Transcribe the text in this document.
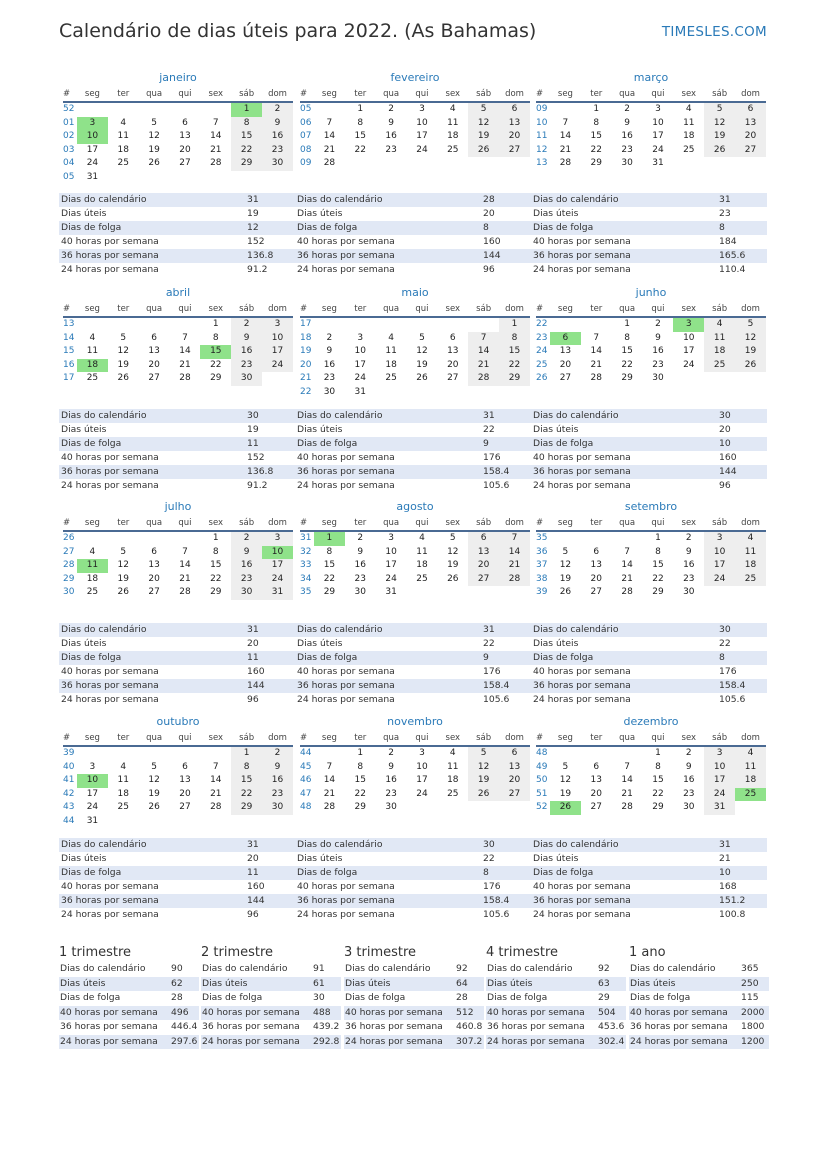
Calendário de dias úteis para 2022. (As Bahamas)	TIMESLES.COM
janeiro
#	seg	ter	qua	qui	sex	sáb	dom
52						1	2
01	3	4	5	6	7	8	9
02	10	11	12	13	14	15	16
03	17	18	19	20	21	22	23
04	24	25	26	27	28	29	30
05	31						
Dias do calendário	31
Dias úteis	19
Dias de folga	12
40 horas por semana	152
36 horas por semana	136.8
24 horas por semana	91.2
fevereiro
#	seg	ter	qua	qui	sex	sáb	dom
05		1	2	3	4	5	6
06	7	8	9	10	11	12	13
07	14	15	16	17	18	19	20
08	21	22	23	24	25	26	27
09	28						
Dias do calendário	28
Dias úteis	20
Dias de folga	8
40 horas por semana	160
36 horas por semana	144
24 horas por semana	96
março
#	seg	ter	qua	qui	sex	sáb	dom
09		1	2	3	4	5	6
10	7	8	9	10	11	12	13
11	14	15	16	17	18	19	20
12	21	22	23	24	25	26	27
13	28	29	30	31			
Dias do calendário	31
Dias úteis	23
Dias de folga	8
40 horas por semana	184
36 horas por semana	165.6
24 horas por semana	110.4
abril
#	seg	ter	qua	qui	sex	sáb	dom
13					1	2	3
14	4	5	6	7	8	9	10
15	11	12	13	14	15	16	17
16	18	19	20	21	22	23	24
17	25	26	27	28	29	30	
Dias do calendário	30
Dias úteis	19
Dias de folga	11
40 horas por semana	152
36 horas por semana	136.8
24 horas por semana	91.2
maio
#	seg	ter	qua	qui	sex	sáb	dom
17							1
18	2	3	4	5	6	7	8
19	9	10	11	12	13	14	15
20	16	17	18	19	20	21	22
21	23	24	25	26	27	28	29
22	30	31					
Dias do calendário	31
Dias úteis	22
Dias de folga	9
40 horas por semana	176
36 horas por semana	158.4
24 horas por semana	105.6
junho
#	seg	ter	qua	qui	sex	sáb	dom
22			1	2	3	4	5
23	6	7	8	9	10	11	12
24	13	14	15	16	17	18	19
25	20	21	22	23	24	25	26
26	27	28	29	30			
Dias do calendário	30
Dias úteis	20
Dias de folga	10
40 horas por semana	160
36 horas por semana	144
24 horas por semana	96
julho
#	seg	ter	qua	qui	sex	sáb	dom
26					1	2	3
27	4	5	6	7	8	9	10
28	11	12	13	14	15	16	17
29	18	19	20	21	22	23	24
30	25	26	27	28	29	30	31
Dias do calendário	31
Dias úteis	20
Dias de folga	11
40 horas por semana	160
36 horas por semana	144
24 horas por semana	96
agosto
#	seg	ter	qua	qui	sex	sáb	dom
31	1	2	3	4	5	6	7
32	8	9	10	11	12	13	14
33	15	16	17	18	19	20	21
34	22	23	24	25	26	27	28
35	29	30	31				
Dias do calendário	31
Dias úteis	22
Dias de folga	9
40 horas por semana	176
36 horas por semana	158.4
24 horas por semana	105.6
setembro
#	seg	ter	qua	qui	sex	sáb	dom
35				1	2	3	4
36	5	6	7	8	9	10	11
37	12	13	14	15	16	17	18
38	19	20	21	22	23	24	25
39	26	27	28	29	30		
Dias do calendário	30
Dias úteis	22
Dias de folga	8
40 horas por semana	176
36 horas por semana	158.4
24 horas por semana	105.6
outubro
#	seg	ter	qua	qui	sex	sáb	dom
39						1	2
40	3	4	5	6	7	8	9
41	10	11	12	13	14	15	16
42	17	18	19	20	21	22	23
43	24	25	26	27	28	29	30
44	31						
Dias do calendário	31
Dias úteis	20
Dias de folga	11
40 horas por semana	160
36 horas por semana	144
24 horas por semana	96
novembro
#	seg	ter	qua	qui	sex	sáb	dom
44		1	2	3	4	5	6
45	7	8	9	10	11	12	13
46	14	15	16	17	18	19	20
47	21	22	23	24	25	26	27
48	28	29	30				
Dias do calendário	30
Dias úteis	22
Dias de folga	8
40 horas por semana	176
36 horas por semana	158.4
24 horas por semana	105.6
dezembro
#	seg	ter	qua	qui	sex	sáb	dom
48				1	2	3	4
49	5	6	7	8	9	10	11
50	12	13	14	15	16	17	18
51	19	20	21	22	23	24	25
52	26	27	28	29	30	31	
Dias do calendário	31
Dias úteis	21
Dias de folga	10
40 horas por semana	168
36 horas por semana	151.2
24 horas por semana	100.8
1 trimestre
Dias do calendário	90
Dias úteis	62
Dias de folga	28
40 horas por semana 496
36 horas por semana 446.4
24 horas por semana 297.6
2 trimestre
Dias do calendário	91
Dias úteis	61
Dias de folga	30
40 horas por semana 488
36 horas por semana 439.2
24 horas por semana 292.8
3 trimestre
Dias do calendário	92
Dias úteis	64
Dias de folga	28
40 horas por semana 512
36 horas por semana 460.8
24 horas por semana 307.2
4 trimestre
Dias do calendário	92
Dias úteis	63
Dias de folga	29
40 horas por semana 504
36 horas por semana 453.6
24 horas por semana 302.4
1 ano
Dias do calendário	365
Dias úteis	250
Dias de folga	115
40 horas por semana 2000
36 horas por semana 1800
24 horas por semana 1200
